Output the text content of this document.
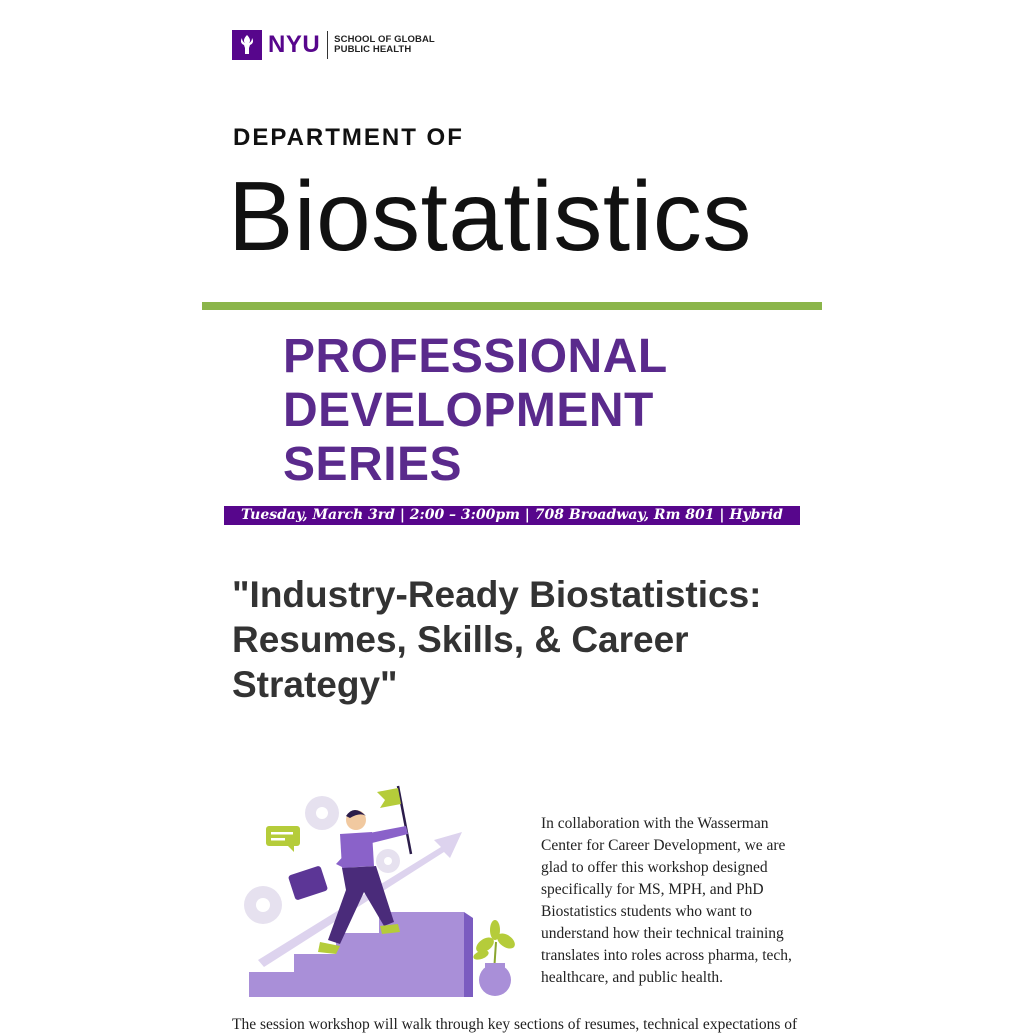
NYU SCHOOL OF GLOBAL
PUBLIC HEALTH
DEPARTMENT OF
Biostatistics
PROFESSIONAL
DEVELOPMENT
SERIES
Tuesday, March 3rd | 2:00 – 3:00pm | 708 Broadway, Rm 801 | Hybrid
"Industry-Ready Biostatistics: Resumes, Skills, & Career Strategy"

In collaboration with the Wasserman Center for Career Development, we are glad to offer this workshop designed specifically for MS, MPH, and PhD Biostatistics students who want to understand how their technical training translates into roles across pharma, tech, healthcare, and public health.

The session workshop will walk through key sections of resumes, technical expectations of
